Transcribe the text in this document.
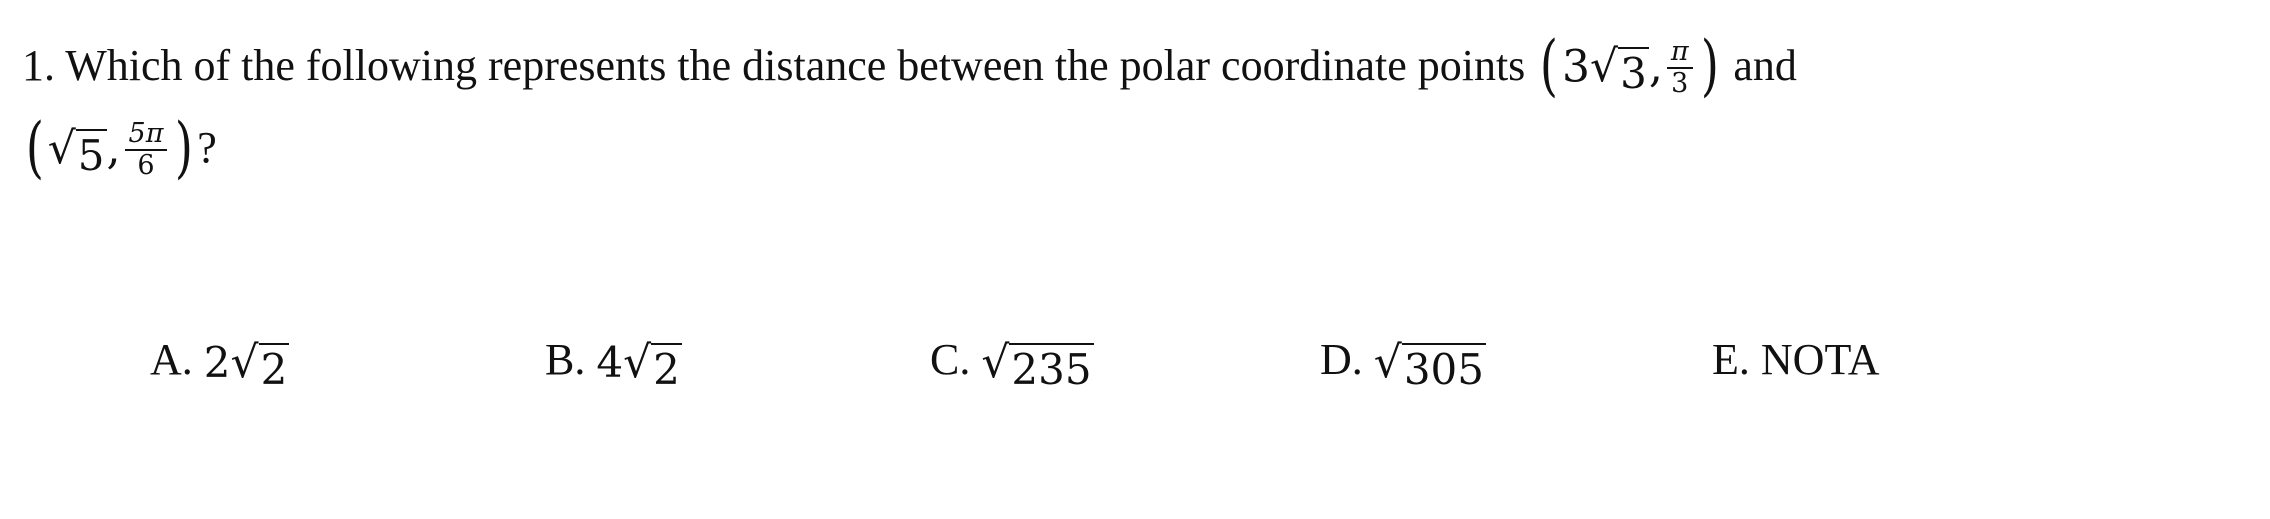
1. Which of the following represents the distance between the polar coordinate points (3 √ 3 , $\frac{\pi}{3}$ ) and
( √ 5 , $\frac{5\pi}{6}$ )?
A. 2 √ 2	B. 4 √ 2	C. √ 235	D. √ 305	E. NOTA
